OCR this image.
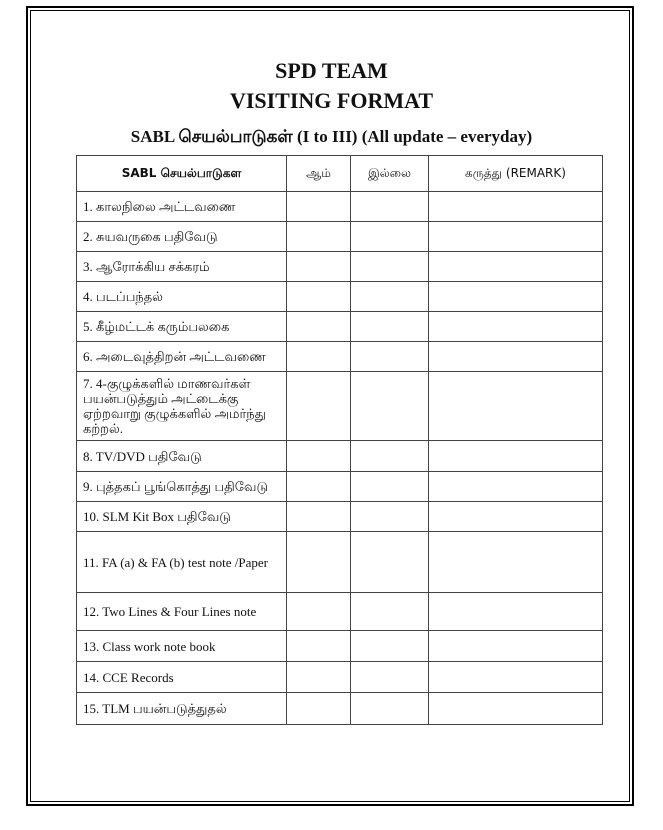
SPD TEAM
VISITING FORMAT
SABL செயல்பாடுகள் (I to III) (All update – everyday)
SABL செயல்பாடுகள	ஆம்	இல்லை	கருத்து (REMARK)
1. காலநிலை அட்டவணை			
2. சுயவருகை பதிவேடு			
3. ஆரோக்கிய சக்கரம்			
4. படப்பந்தல்			
5. கீழ்மட்டக் கரும்பலகை			
6. அடைவுத்திறன் அட்டவணை			
7. 4-குழுக்களில் மாணவர்கள் பயன்படுத்தும் அட்டைக்கு ஏற்றவாறு குழுக்களில் அமர்ந்து கற்றல்.			
8. TV/DVD பதிவேடு			
9. புத்தகப் பூங்கொத்து பதிவேடு			
10. SLM Kit Box பதிவேடு			
11. FA (a) & FA (b) test note /Paper			
12. Two Lines & Four Lines note			
13. Class work note book			
14. CCE Records			
15. TLM பயன்படுத்துதல்			
